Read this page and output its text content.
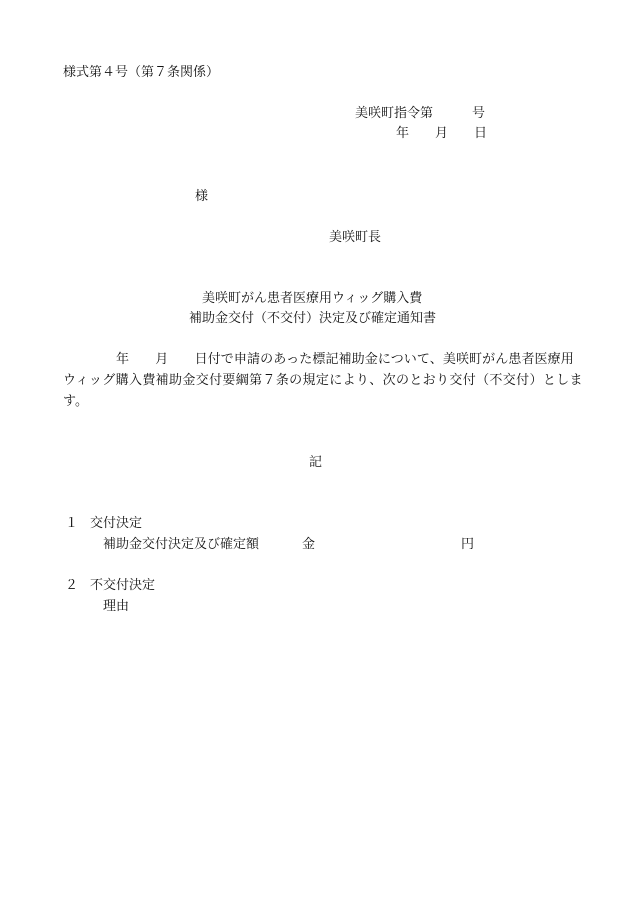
様式第４号（第７条関係）

美咲町指令第　　　号

年　　月　　日

様

美咲町長

美咲町がん患者医療用ウィッグ購入費

補助金交付（不交付）決定及び確定通知書

年　　月　　日付で申請のあった標記補助金について、美咲町がん患者医療用

ウィッグ購入費補助金交付要綱第７条の規定により、次のとおり交付（不交付）としま

す。

記

１ 交付決定

補助金交付決定及び確定額	金	円

２ 不交付決定

理由
